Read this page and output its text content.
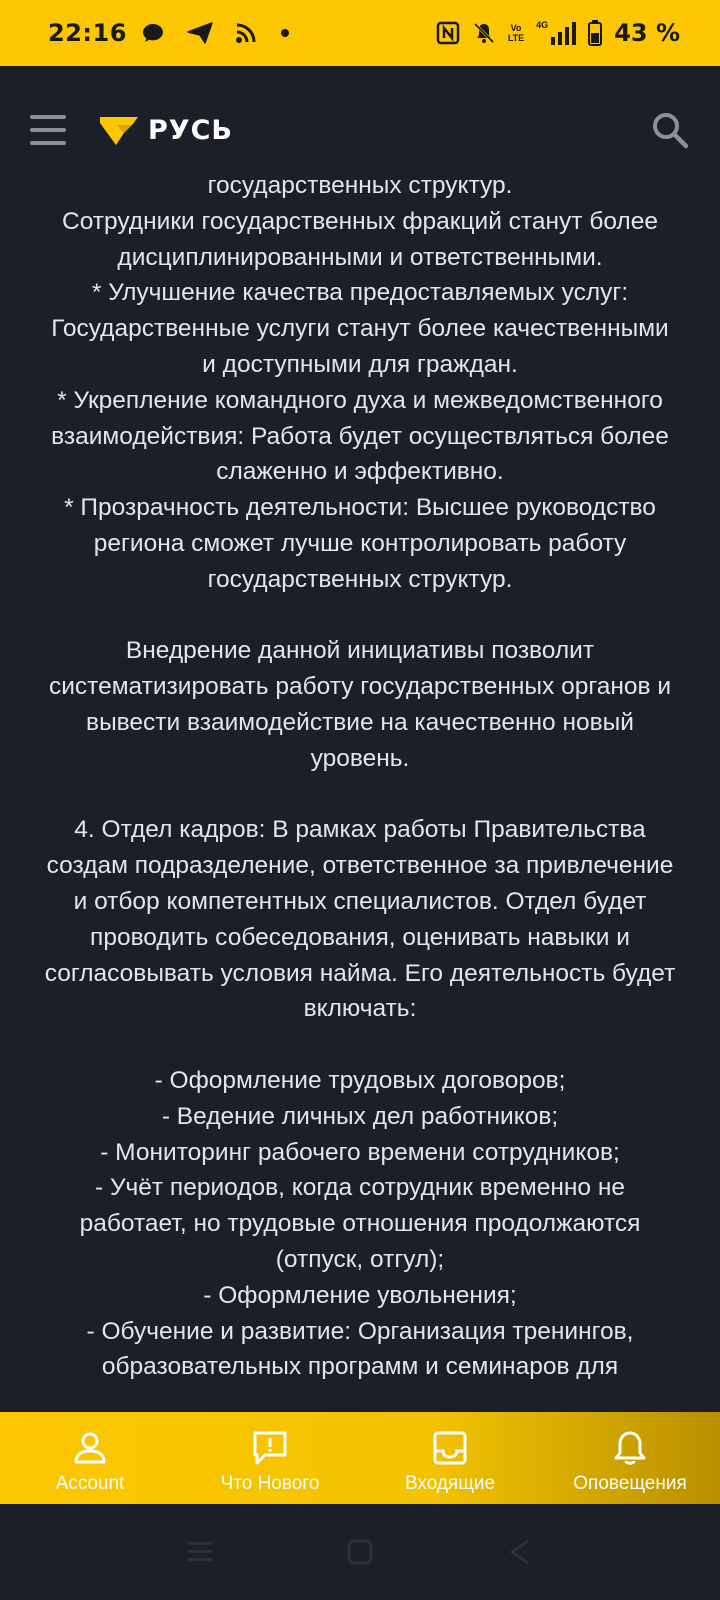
22:16	Vo
LTE
4G	43 %
РУСЬ
государственных структур.
Сотрудники государственных фракций станут более
дисциплинированными и ответственными.
* Улучшение качества предоставляемых услуг:
Государственные услуги станут более качественными
и доступными для граждан.
* Укрепление командного духа и межведомственного
взаимодействия: Работа будет осуществляться более
слаженно и эффективно.
* Прозрачность деятельности: Высшее руководство
региона сможет лучше контролировать работу
государственных структур.
Внедрение данной инициативы позволит
систематизировать работу государственных органов и
вывести взаимодействие на качественно новый
уровень.
4. Отдел кадров: В рамках работы Правительства
создам подразделение, ответственное за привлечение
и отбор компетентных специалистов. Отдел будет
проводить собеседования, оценивать навыки и
согласовывать условия найма. Его деятельность будет
включать:
- Оформление трудовых договоров;
- Ведение личных дел работников;
- Мониторинг рабочего времени сотрудников;
- Учёт периодов, когда сотрудник временно не
работает, но трудовые отношения продолжаются
(отпуск, отгул);
- Оформление увольнения;
- Обучение и развитие: Организация тренингов,
образовательных программ и семинаров для
Account	Что Нового	Входящие	Оповещения
